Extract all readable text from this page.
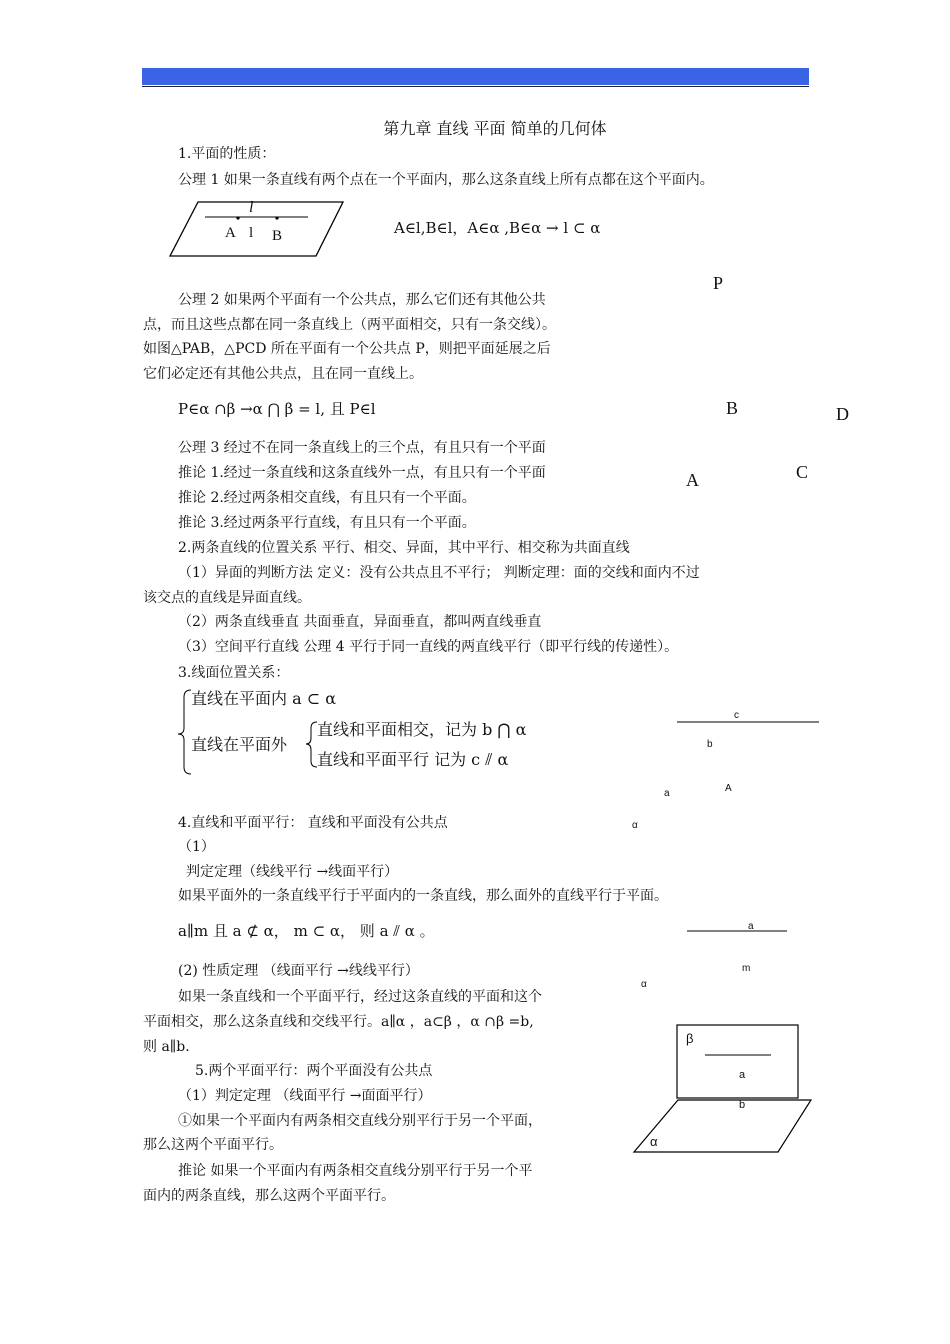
第九章 直线 平面 简单的几何体
1.平面的性质：
公理 1 如果一条直线有两个点在一个平面内，那么这条直线上所有点都在这个平面内。
l
A l B	A∈l,B∈l，A∈α ,B∈α → l ⊂ α
公理 2 如果两个平面有一个公共点，那么它们还有其他公共
点，而且这些点都在同一条直线上（两平面相交，只有一条交线）。
如图△PAB，△PCD 所在平面有一个公共点 P，则把平面延展之后
它们必定还有其他公共点，且在同一直线上。
P∈α ∩β →α ⋂ β = l, 且 P∈l
P
B	D
A	C
公理 3 经过不在同一条直线上的三个点，有且只有一个平面
推论 1.经过一条直线和这条直线外一点，有且只有一个平面
推论 2.经过两条相交直线，有且只有一个平面。
推论 3.经过两条平行直线，有且只有一个平面。
2.两条直线的位置关系 平行、相交、异面，其中平行、相交称为共面直线
（1）异面的判断方法 定义：没有公共点且不平行； 判断定理：面的交线和面内不过
该交点的直线是异面直线。
（2）两条直线垂直 共面垂直，异面垂直，都叫两直线垂直
（3）空间平行直线 公理 4 平行于同一直线的两直线平行（即平行线的传递性）。
3.线面位置关系：
直线在平面内 a ⊂ α
直线在平面外
直线和平面相交，记为 b ⋂ α
直线和平面平行 记为 c ⫽ α
c
b
A
a
α
4.直线和平面平行： 直线和平面没有公共点
（1）
判定定理（线线平行 →线面平行）
如果平面外的一条直线平行于平面内的一条直线，那么面外的直线平行于平面。
a∥m 且 a ⊄ α， m ⊂ α， 则 a ⫽ α 。	a
m
α
(2) 性质定理 （线面平行 →线线平行）
如果一条直线和一个平面平行，经过这条直线的平面和这个
平面相交，那么这条直线和交线平行。a∥α ，a⊂β ，α ∩β =b,
则 a∥b.
5.两个平面平行：两个平面没有公共点
（1）判定定理 （线面平行 →面面平行）
①如果一个平面内有两条相交直线分别平行于另一个平面，
那么这两个平面平行。
推论 如果一个平面内有两条相交直线分别平行于另一个平
面内的两条直线，那么这两个平面平行。
β
a
b
α
